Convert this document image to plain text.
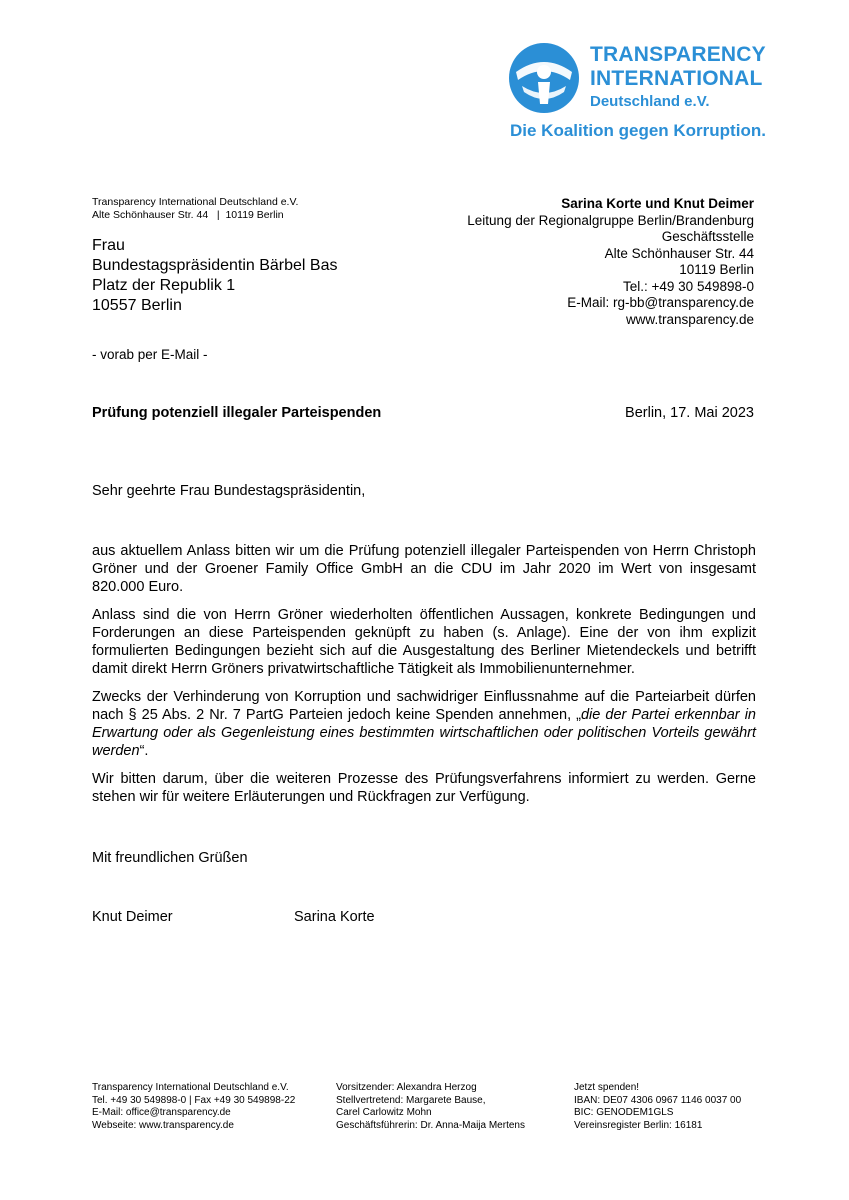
TRANSPARENCY
INTERNATIONAL
Deutschland e.V.
Die Koalition gegen Korruption.
Transparency International Deutschland e.V.
Alte Schönhauser Str. 44   |  10119 Berlin
Frau
Bundestagspräsidentin Bärbel Bas
Platz der Republik 1
10557 Berlin
Sarina Korte und Knut Deimer
Leitung der Regionalgruppe Berlin/Brandenburg
Geschäftsstelle
Alte Schönhauser Str. 44
10119 Berlin
Tel.: +49 30 549898-0
E-Mail: rg-bb@transparency.de
www.transparency.de
- vorab per E-Mail -
Prüfung potenziell illegaler Parteispenden	Berlin, 17. Mai 2023
Sehr geehrte Frau Bundestagspräsidentin,

aus aktuellem Anlass bitten wir um die Prüfung potenziell illegaler Parteispenden von Herrn Christoph Gröner und der Groener Family Office GmbH an die CDU im Jahr 2020 im Wert von insgesamt 820.000 Euro.

Anlass sind die von Herrn Gröner wiederholten öffentlichen Aussagen, konkrete Bedingungen und Forderungen an diese Parteispenden geknüpft zu haben (s. Anlage). Eine der von ihm explizit formulierten Bedingungen bezieht sich auf die Ausgestaltung des Berliner Mietendeckels und betrifft damit direkt Herrn Gröners privatwirtschaftliche Tätigkeit als Immobilienunternehmer.

Zwecks der Verhinderung von Korruption und sachwidriger Einflussnahme auf die Parteiarbeit dürfen nach § 25 Abs. 2 Nr. 7 PartG Parteien jedoch keine Spenden annehmen, „die der Partei erkennbar in Erwartung oder als Gegenleistung eines bestimmten wirtschaftlichen oder politischen Vorteils gewährt werden“.

Wir bitten darum, über die weiteren Prozesse des Prüfungsverfahrens informiert zu werden. Gerne stehen wir für weitere Erläuterungen und Rückfragen zur Verfügung.

Mit freundlichen Grüßen
Knut Deimer	Sarina Korte
Transparency International Deutschland e.V.
Tel. +49 30 549898-0 | Fax +49 30 549898-22
E-Mail: office@transparency.de
Webseite: www.transparency.de
Vorsitzender: Alexandra Herzog
Stellvertretend: Margarete Bause,
Carel Carlowitz Mohn
Geschäftsführerin: Dr. Anna-Maija Mertens
Jetzt spenden!
IBAN: DE07 4306 0967 1146 0037 00
BIC: GENODEM1GLS
Vereinsregister Berlin: 16181
